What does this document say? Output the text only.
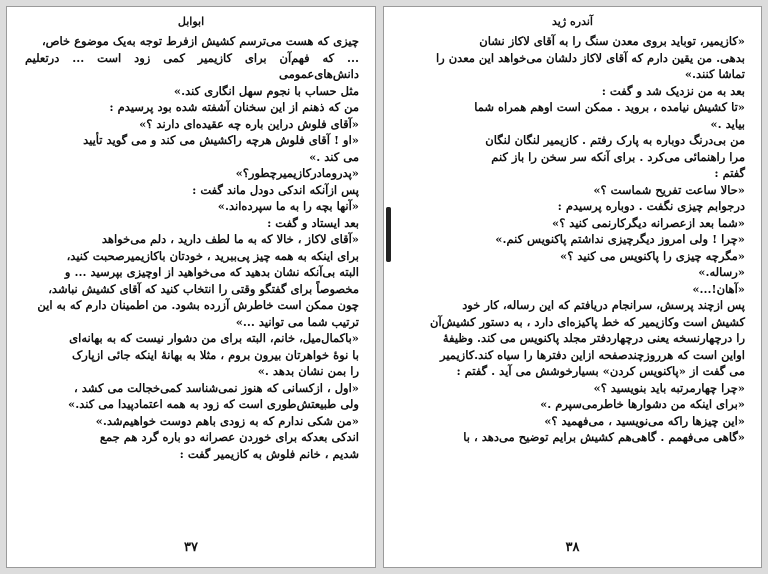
ابوابل

چیزی که هست می‌ترسم کشیش ازفرط توجه به‌یک موضوع خاص،

... که فهم‌آن برای کازیمیر کمی زود است ... درتعلیم دانش‌های‌عمومی

مثل حساب با نجوم سهل انگاری کند.»

من که ذهنم از این سخنان آشفته شده بود پرسیدم :

«آقای فلوش دراین باره چه عقیده‌ای دارند ؟»

«او ! آقای فلوش هرچه راکشیش می کند و می گوید تأیید

می کند .»

«پدرومادرکازیمیرچطور؟»

پس ازآنکه اندکی دودل ماند گفت :

«آنها بچه را به ما سپرده‌اند.»

بعد ایستاد و گفت :

«آقای لاکاز ، خالا که به ما لطف دارید ، دلم می‌خواهد

برای اینکه به همه چیز پی‌ببرید ، خودتان باکازیمیرصحبت کنید،

البته بی‌آنکه نشان بدهید که می‌خواهید از اوچیزی بپرسید ... و

مخصوصاً برای گفتگو وقتی را انتخاب کنید که آقای کشیش نباشد،

چون ممکن است خاطرش آزرده بشود. من اطمینان دارم که به این

ترتیب شما می توانید ...»

«باکمال‌میل، خانم، البته برای من دشوار نیست که به بهانه‌ای

با نوهٔ خواهرتان بیرون بروم ، مثلا به بهانهٔ اینکه جائی ازپارک

را بمن نشان بدهد .»

«اول ، ازکسانی که هنوز نمی‌شناسد کمی‌خجالت می کشد ،

ولی طبیعتش‌طوری است که زود به همه اعتمادپیدا می کند.»

«من شکی ندارم که به زودی باهم دوست خواهیم‌شد.»

اندکی بعدکه برای خوردن عصرانه دو باره گرد هم جمع

شدیم ، خانم فلوش به کازیمیر گفت :

۳۷
آندره ژید

«کازیمیر، توباید بروی معدن سنگ را به آقای لاکاز نشان

بدهی. من یقین دارم که آقای لاکاز دلشان می‌خواهد این معدن را

تماشا کنند.»

بعد به من نزدیک شد و گفت :

«تا کشیش نیامده ، بروید . ممکن است اوهم همراه شما

بیاید .»

من بی‌درنگ دوباره به پارک رفتم . کازیمیر لنگان لنگان

مرا راهنمائی می‌کرد . برای آنکه سر سخن را باز کنم

گفتم :

«حالا ساعت تفریح شماست ؟»

درجوابم چیزی نگفت . دوباره پرسیدم :

«شما بعد ازعصرانه دیگرکارنمی کنید ؟»

«چرا ! ولی امروز دیگرچیزی نداشتم پاکنویس کنم.»

«مگرچه چیزی را پاکنویس می کنید ؟»

«رساله.»

«آهان!...»

پس ازچند پرسش، سرانجام دریافتم که این رساله، کار خود

کشیش است وکازیمیر که خط پاکیزه‌ای دارد ، به دستور کشیش‌آن

را درچهارنسخه یعنی درچهاردفتر مجلد پاکنویس می کند. وظیفهٔ

اواین است که هرروزچندصفحه ازاین دفترها را سیاه کند.کازیمیر

می گفت از «پاکنویس کردن» بسیارخوشش می آید . گفتم :

«چرا چهارمرتبه باید بنویسید ؟»

«برای اینکه من دشوارها خاطرمی‌سپرم .»

«این چیزها راکه می‌نویسید ، می‌فهمید ؟»

«گاهی می‌فهمم . گاهی‌هم کشیش برایم توضیح می‌دهد ، با

۳۸
